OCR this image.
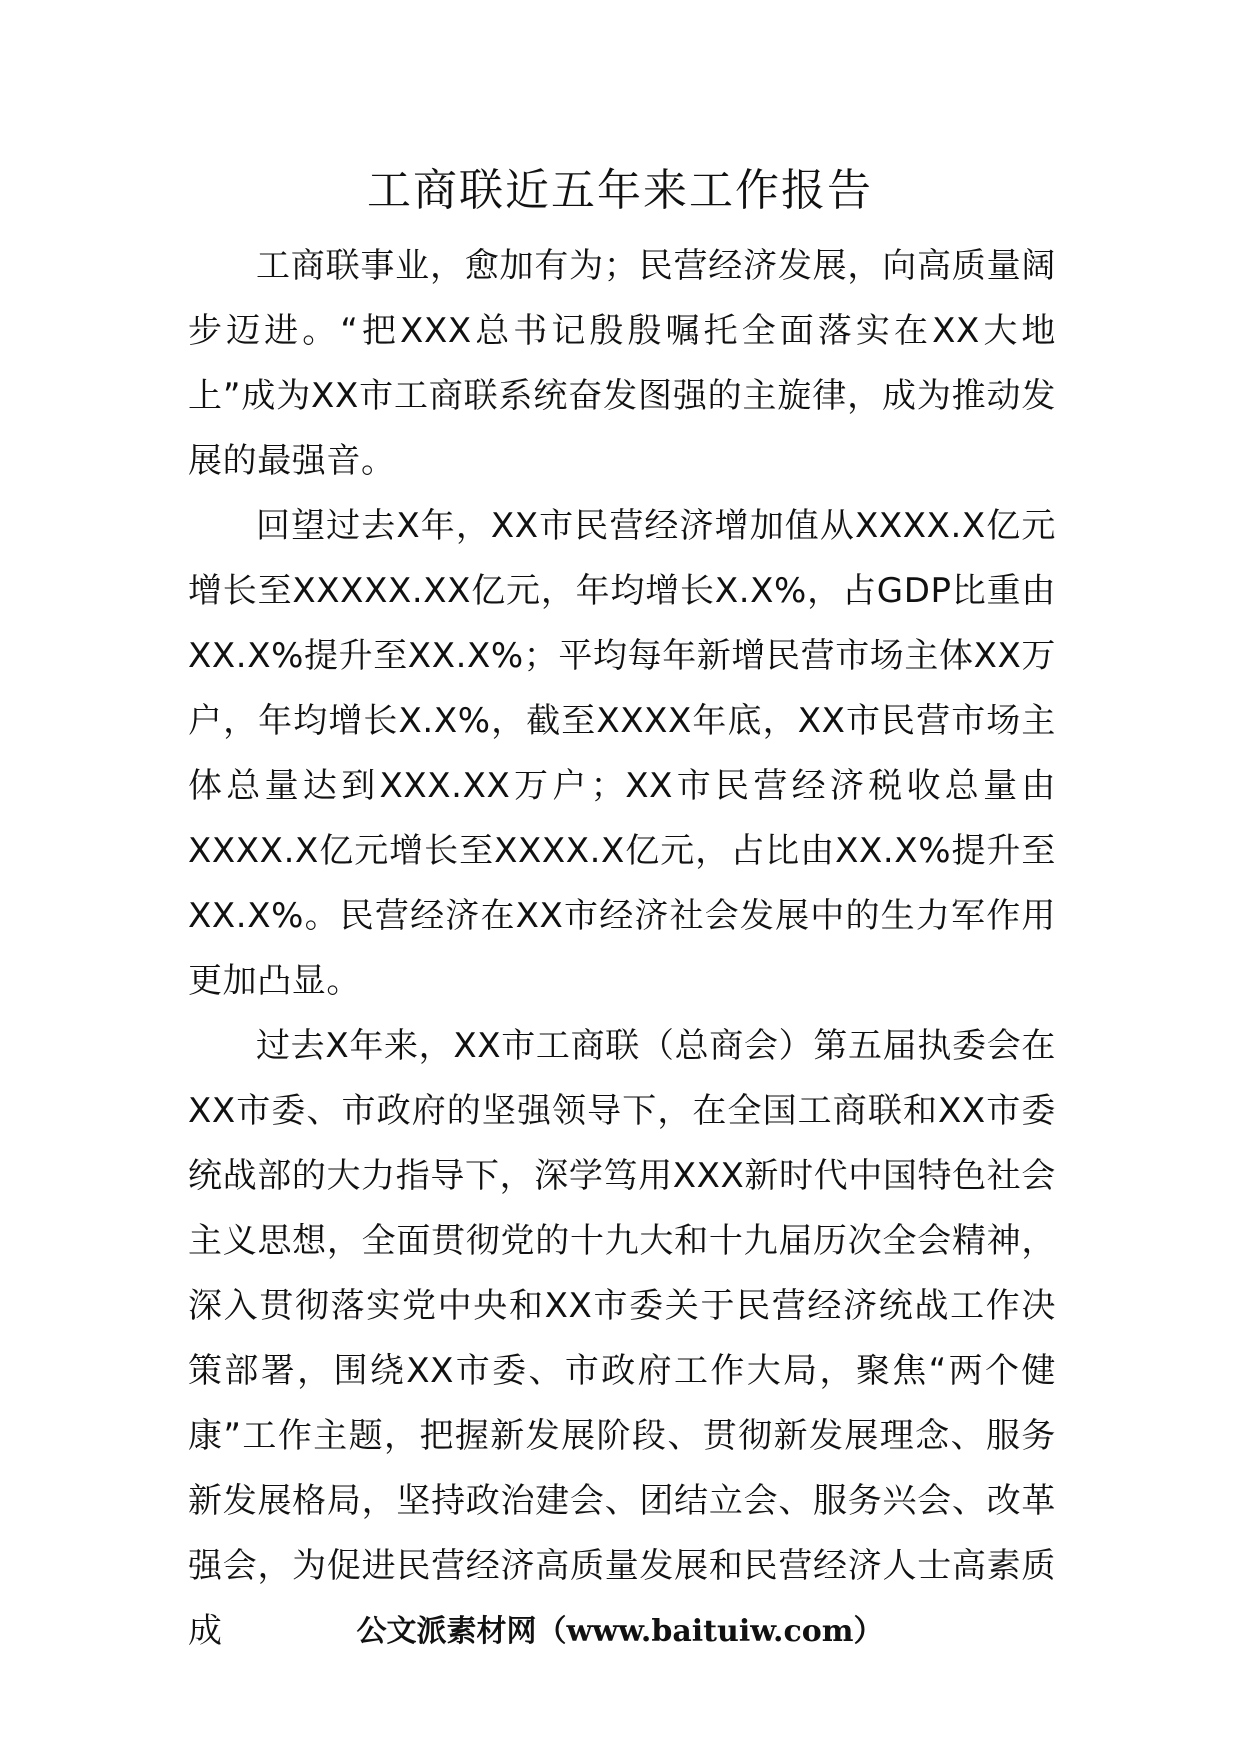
工商联近五年来工作报告

工商联事业，愈加有为；民营经济发展，向高质量阔步迈进。“把XXX总书记殷殷嘱托全面落实在XX大地上”成为XX市工商联系统奋发图强的主旋律，成为推动发展的最强音。

回望过去X年，XX市民营经济增加值从XXXX.X亿元增长至XXXXX.XX亿元，年均增长X.X%，占GDP比重由XX.X%提升至XX.X%；平均每年新增民营市场主体XX万户，年均增长X.X%，截至XXXX年底，XX市民营市场主体总量达到XXX.XX万户；XX市民营经济税收总量由XXXX.X亿元增长至XXXX.X亿元，占比由XX.X%提升至XX.X%。民营经济在XX市经济社会发展中的生力军作用更加凸显。

过去X年来，XX市工商联（总商会）第五届执委会在XX市委、市政府的坚强领导下，在全国工商联和XX市委统战部的大力指导下，深学笃用XXX新时代中国特色社会主义思想，全面贯彻党的十九大和十九届历次全会精神，深入贯彻落实党中央和XX市委关于民营经济统战工作决策部署，围绕XX市委、市政府工作大局，聚焦“两个健康”工作主题，把握新发展阶段、贯彻新发展理念、服务新发展格局，坚持政治建会、团结立会、服务兴会、改革强会，为促进民营经济高质量发展和民营经济人士高素质成	公文派素材网（www.baituiw.com）
